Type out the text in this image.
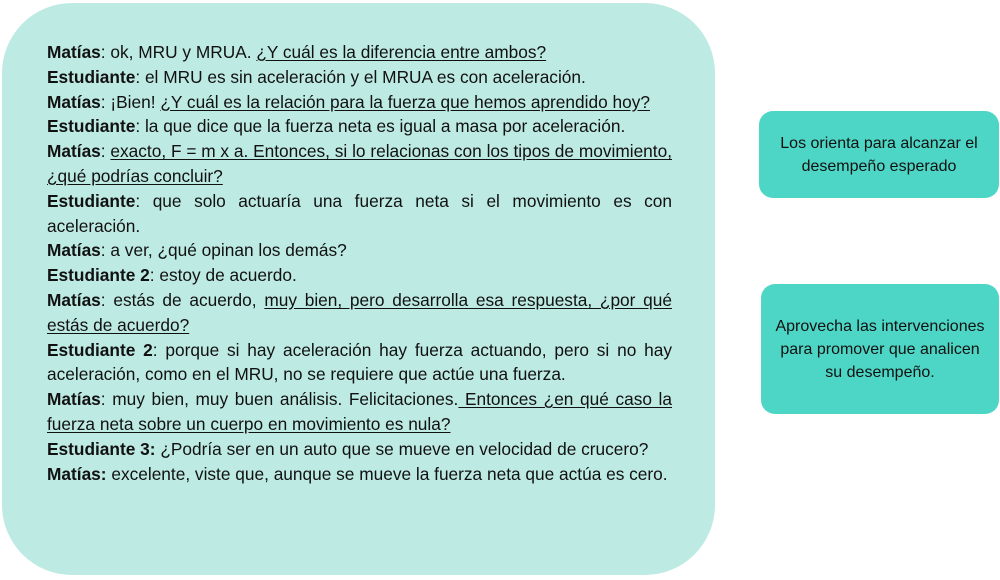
Matías: ok, MRU y MRUA. ¿Y cuál es la diferencia entre ambos?

Estudiante: el MRU es sin aceleración y el MRUA es con aceleración.

Matías: ¡Bien! ¿Y cuál es la relación para la fuerza que hemos aprendido hoy?

Estudiante: la que dice que la fuerza neta es igual a masa por aceleración.

Matías: exacto, F = m x a. Entonces, si lo relacionas con los tipos de movimiento, ¿qué podrías concluir?

Estudiante: que solo actuaría una fuerza neta si el movimiento es con aceleración.

Matías: a ver, ¿qué opinan los demás?

Estudiante 2: estoy de acuerdo.

Matías: estás de acuerdo, muy bien, pero desarrolla esa respuesta, ¿por qué estás de acuerdo?

Estudiante 2: porque si hay aceleración hay fuerza actuando, pero si no hay aceleración, como en el MRU, no se requiere que actúe una fuerza.

Matías: muy bien, muy buen análisis. Felicitaciones. Entonces ¿en qué caso la fuerza neta sobre un cuerpo en movimiento es nula?

Estudiante 3: ¿Podría ser en un auto que se mueve en velocidad de crucero?

Matías: excelente, viste que, aunque se mueve la fuerza neta que actúa es cero.

Los orienta para alcanzar el desempeño esperado
Aprovecha las intervenciones para promover que analicen su desempeño.
